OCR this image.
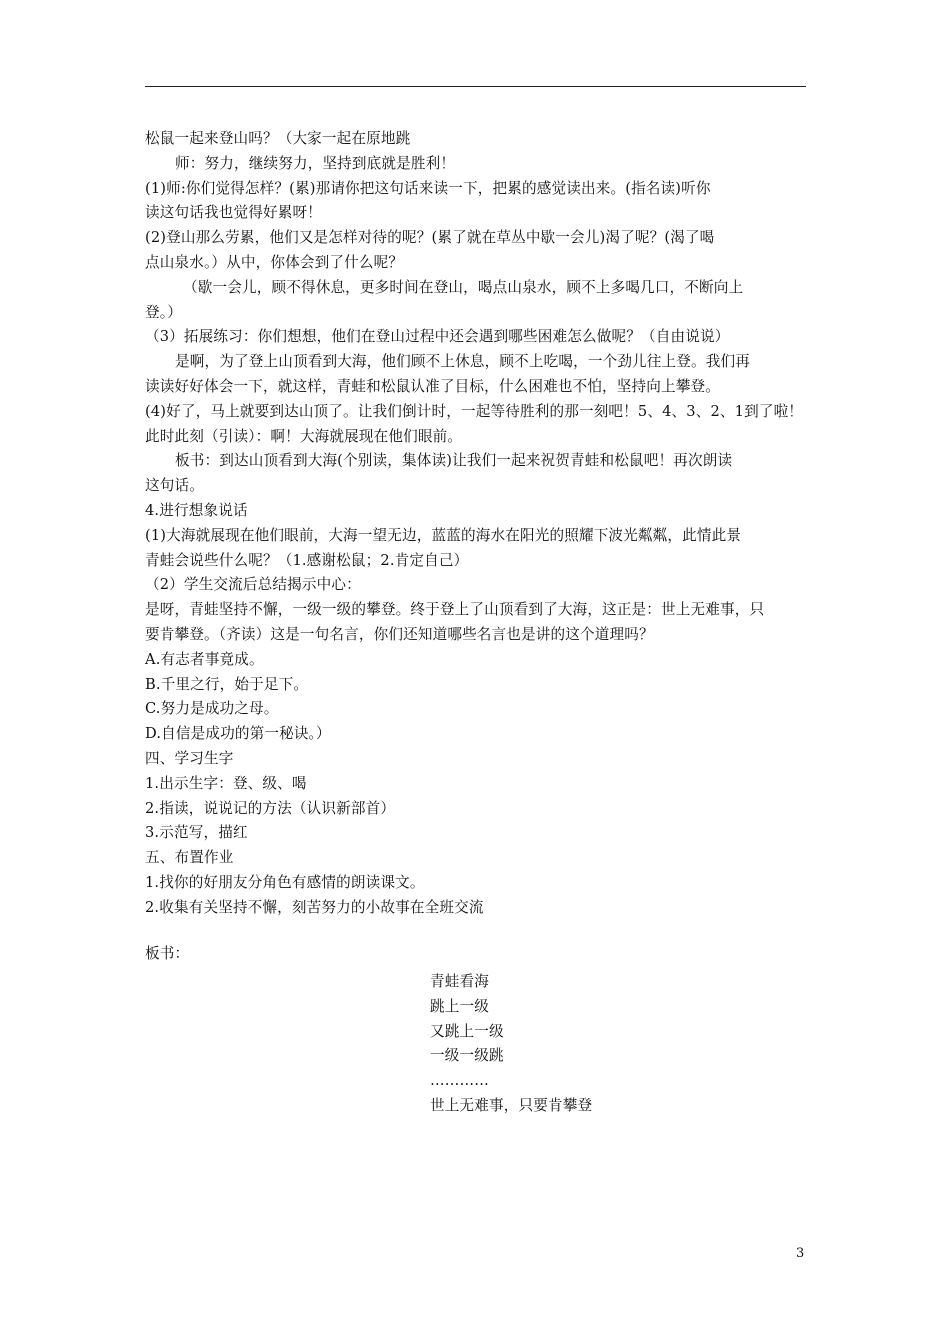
松鼠一起来登山吗？（大家一起在原地跳
师：努力，继续努力，坚持到底就是胜利！
(1)师:你们觉得怎样？(累)那请你把这句话来读一下，把累的感觉读出来。(指名读)听你
读这句话我也觉得好累呀！
(2)登山那么劳累，他们又是怎样对待的呢？(累了就在草丛中歇一会儿)渴了呢？(渴了喝
点山泉水。）从中，你体会到了什么呢？
（歇一会儿，顾不得休息，更多时间在登山，喝点山泉水，顾不上多喝几口，不断向上
登。）
（3）拓展练习：你们想想，他们在登山过程中还会遇到哪些困难怎么做呢？（自由说说）
是啊，为了登上山顶看到大海，他们顾不上休息，顾不上吃喝，一个劲儿往上登。我们再
读读好好体会一下，就这样，青蛙和松鼠认准了目标，什么困难也不怕，坚持向上攀登。
(4)好了，马上就要到达山顶了。让我们倒计时，一起等待胜利的那一刻吧！5、4、3、2、1到了啦！
此时此刻（引读）：啊！大海就展现在他们眼前。
板书：到达山顶看到大海(个别读，集体读)让我们一起来祝贺青蛙和松鼠吧！再次朗读
这句话。
4.进行想象说话
(1)大海就展现在他们眼前，大海一望无边，蓝蓝的海水在阳光的照耀下波光粼粼，此情此景
青蛙会说些什么呢？（1.感谢松鼠；2.肯定自己）
（2）学生交流后总结揭示中心：
是呀，青蛙坚持不懈，一级一级的攀登。终于登上了山顶看到了大海，这正是：世上无难事，只
要肯攀登。（齐读）这是一句名言，你们还知道哪些名言也是讲的这个道理吗？
A.有志者事竟成。
B.千里之行，始于足下。
C.努力是成功之母。
D.自信是成功的第一秘诀。）
四、学习生字
1.出示生字：登、级、喝
2.指读，说说记的方法（认识新部首）
3.示范写，描红
五、布置作业
1.找你的好朋友分角色有感情的朗读课文。
2.收集有关坚持不懈，刻苦努力的小故事在全班交流
板书：
青蛙看海
跳上一级
又跳上一级
一级一级跳
…………
世上无难事，只要肯攀登
3
